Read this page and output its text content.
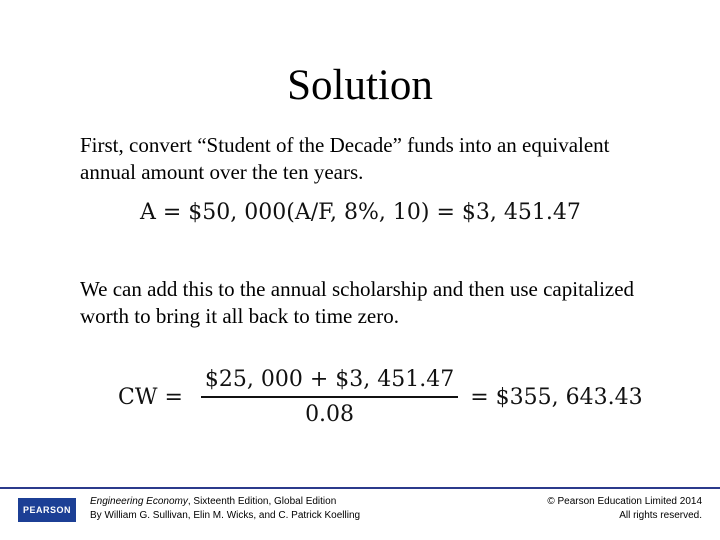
Solution
First, convert “Student of the Decade” funds into an equivalent annual amount over the ten years.
A = $50, 000(A/F, 8%, 10) = $3, 451.47
We can add this to the annual scholarship and then use capitalized worth to bring it all back to time zero.
CW = $\frac{\$25, 000 + \$3, 451.47}{0.08}$ = $355, 643.43
PEARSON
Engineering Economy, Sixteenth Edition, Global Edition
By William G. Sullivan, Elin M. Wicks, and C. Patrick Koelling
© Pearson Education Limited 2014
All rights reserved.
